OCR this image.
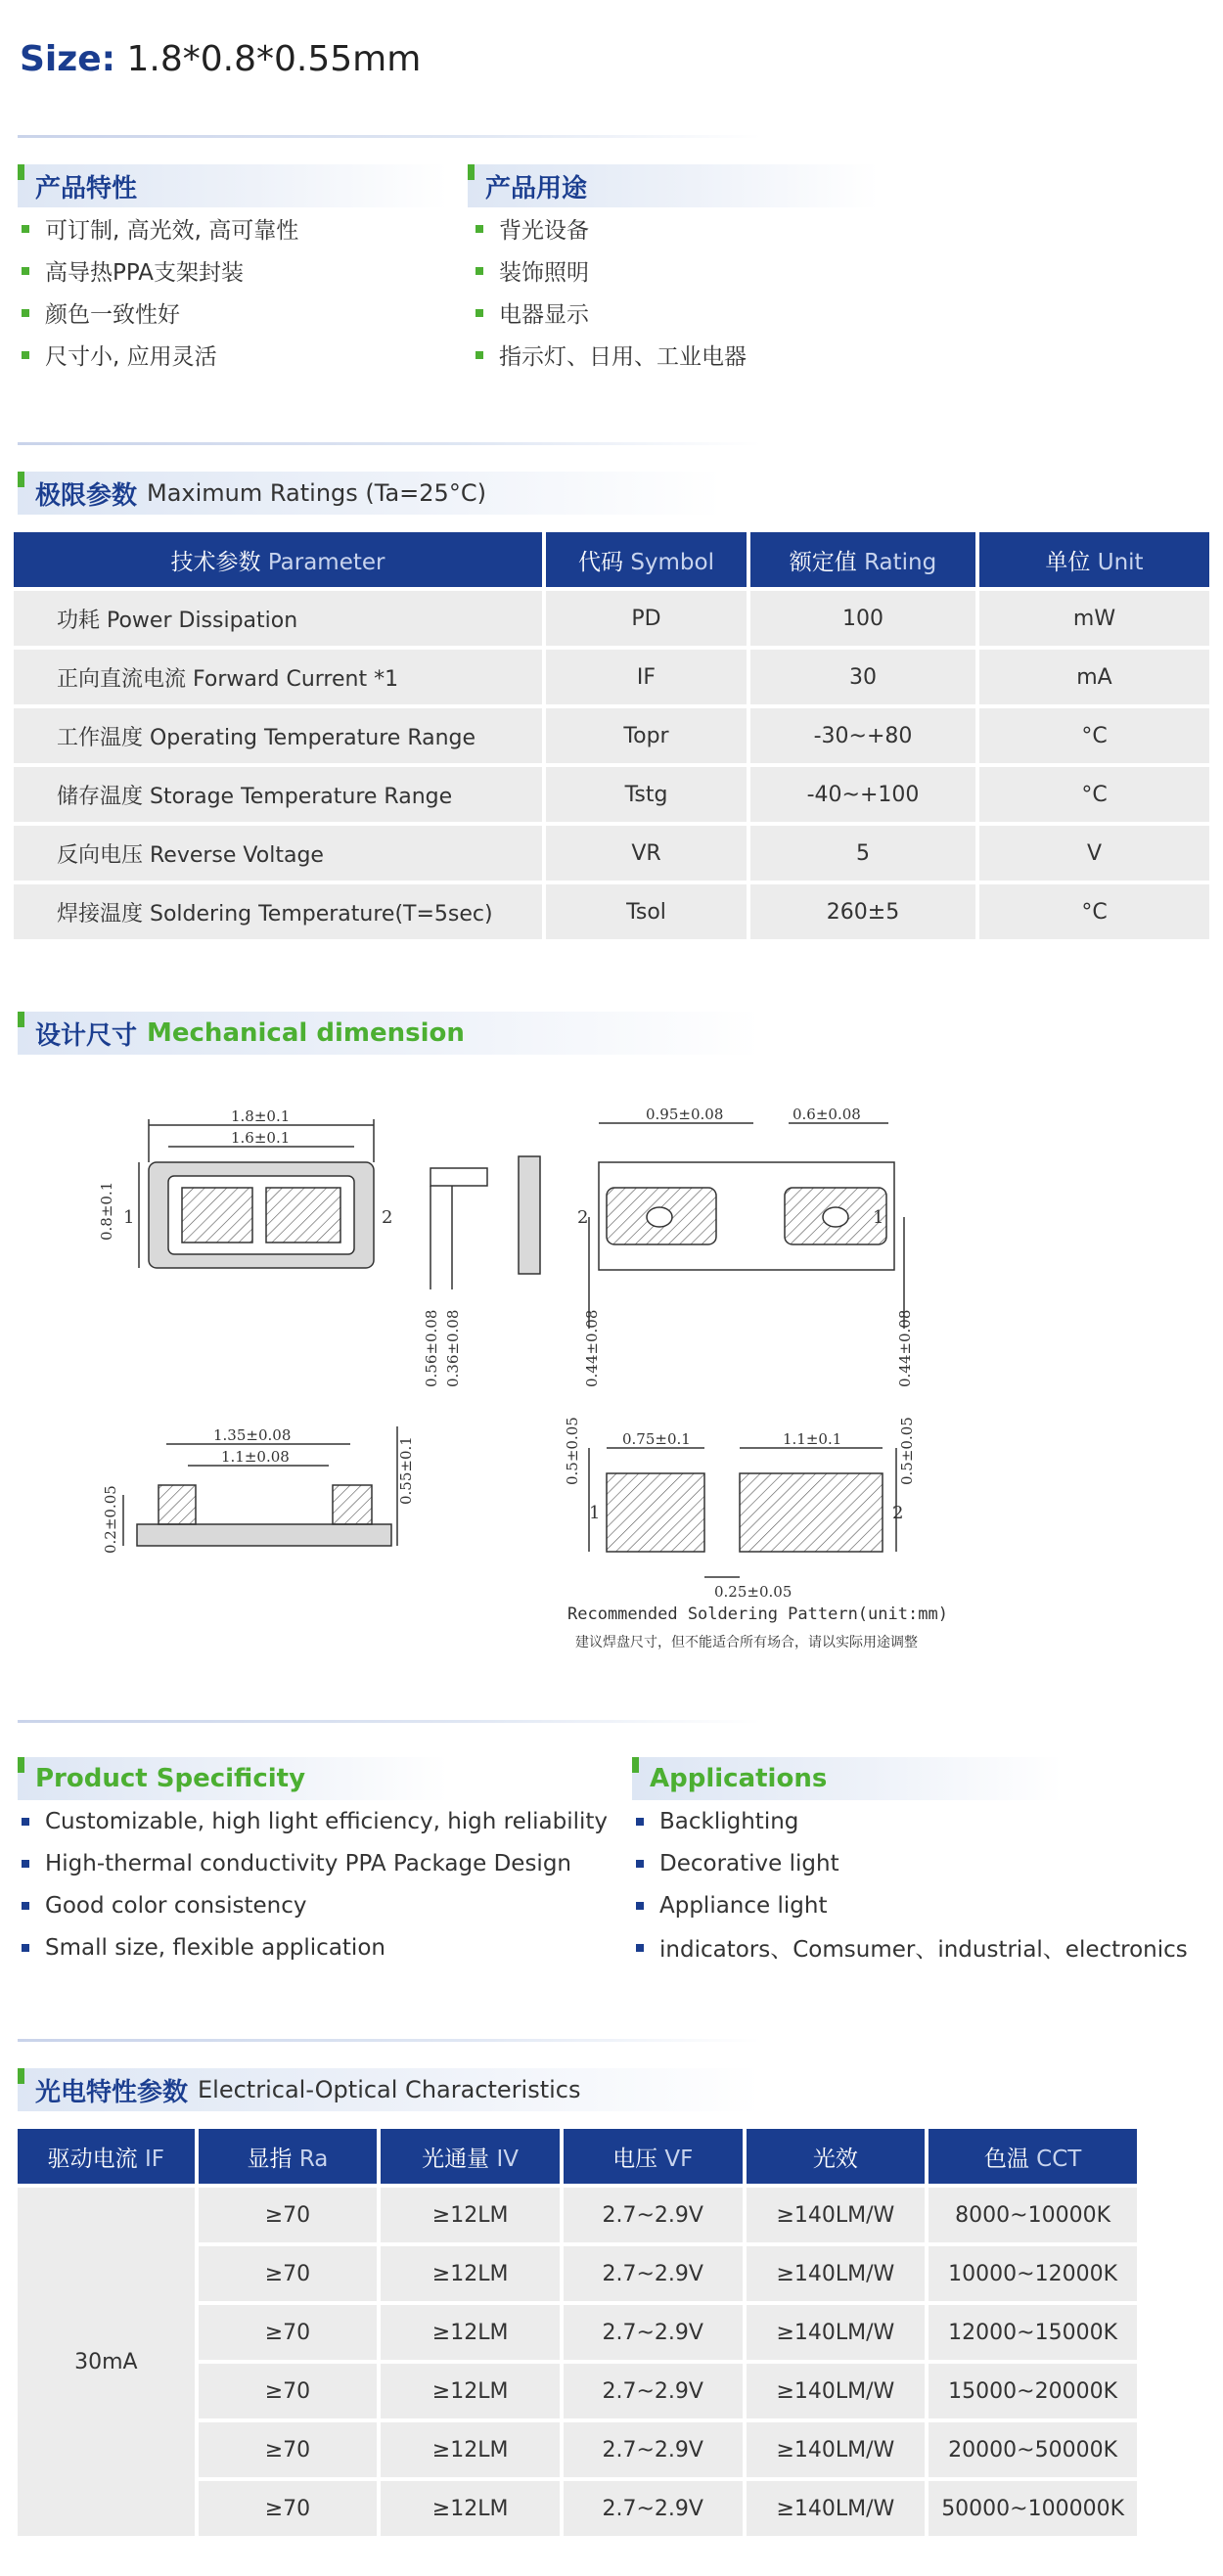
Size: 1.8*0.8*0.55mm
产品特性	产品用途
可订制, 高光效, 高可靠性
高导热PPA支架封装
颜色一致性好
尺寸小, 应用灵活
背光设备
装饰照明
电器显示
指示灯、日用、工业电器
极限参数 Maximum Ratings (Ta=25°C)
技术参数 Parameter	代码 Symbol	额定值 Rating	单位 Unit
功耗 Power Dissipation	PD	100	mW
正向直流电流 Forward Current *1	IF	30	mA
工作温度 Operating Temperature Range	Topr	-30~+80	°C
储存温度 Storage Temperature Range	Tstg	-40~+100	°C
反向电压 Reverse Voltage	VR	5	V
焊接温度 Soldering Temperature(T=5sec)	Tsol	260±5	°C
设计尺寸 Mechanical dimension
1.8±0.1
1.6±0.1
0.8±0.1 1	2
0.56±0.08 0.36±0.08
0.95±0.08	0.6±0.08
0.44±0.08	0.44±0.08
2	1
1.35±0.08
1.1±0.08
0.2±0.05
0.55±0.1	0.75±0.1	1.1±0.1
0.25±0.05
0.5±0.05	0.5±0.05
1	2
Recommended Soldering Pattern(unit:mm)
建议焊盘尺寸，但不能适合所有场合，请以实际用途调整
Product Specificity	Applications
Customizable, high light efficiency, high reliability
High-thermal conductivity PPA Package Design
Good color consistency
Small size, flexible application
Backlighting
Decorative light
Appliance light
indicators、Comsumer、industrial、electronics
光电特性参数 Electrical-Optical Characteristics
驱动电流 IF	显指 Ra	光通量 IV	电压 VF	光效	色温 CCT
30mA	≥70	≥12LM	2.7~2.9V	≥140LM/W	8000~10000K
	≥70	≥12LM	2.7~2.9V	≥140LM/W	10000~12000K
	≥70	≥12LM	2.7~2.9V	≥140LM/W	12000~15000K
	≥70	≥12LM	2.7~2.9V	≥140LM/W	15000~20000K
	≥70	≥12LM	2.7~2.9V	≥140LM/W	20000~50000K
	≥70	≥12LM	2.7~2.9V	≥140LM/W	50000~100000K
